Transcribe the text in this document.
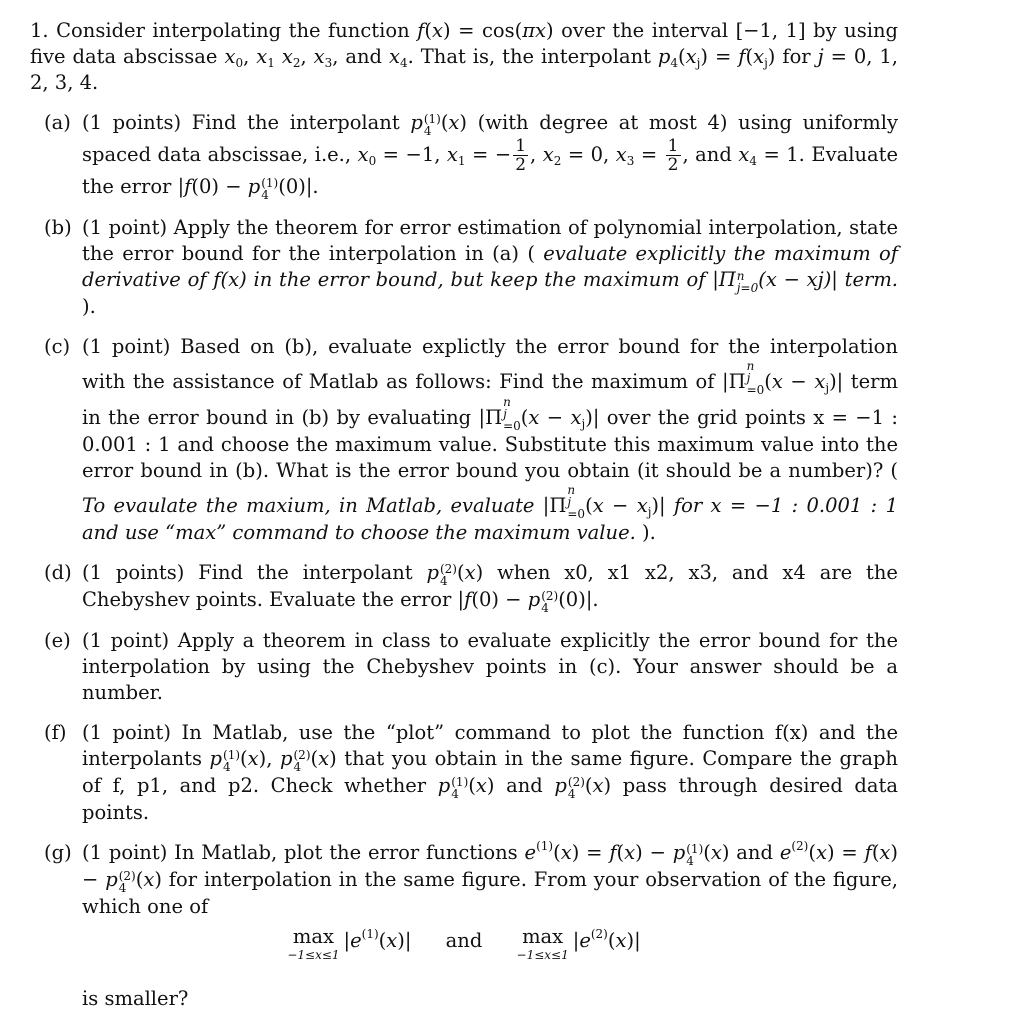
1. Consider interpolating the function f(x) = cos(πx) over the interval [−1, 1] by using five data abscissae $x_0$, $x_1$ $x_2$, $x_3$, and $x_4$. That is, the interpolant $p_4(x_j) = f(x_j)$ for j = 0, 1, 2, 3, 4.

(a) (1 points) Find the interpolant p (1)
4 (x) (with degree at most 4) using uniformly spaced data abscissae, i.e., $x_0 = -1$, $x_1$ = − $\frac{1}{2}$ , $x_2 = 0$, $x_3 = \frac{1}{2}$ , and $x_4 = 1$. Evaluate the error |f(0) − p (1)
4 (0)|.
(b) (1 point) Apply the theorem for error estimation of polynomial interpolation, state the error bound for the interpolation in (a) ( evaluate explicitly the maximum of derivative of f(x) in the error bound, but keep the maximum of |Π n
j=0 (x − xj)| term. ).
(c) (1 point) Based on (b), evaluate explictly the error bound for the interpolation with the assistance of Matlab as follows: Find the maximum of |Π
n
j
=0 $(x - x_j)|$ term in the error bound in (b) by evaluating |Π
n
j
=0 $(x - x_j)|$ over the grid points x = −1 : 0.001 : 1 and choose the maximum value. Substitute this maximum value into the error bound in (b). What is the error bound you obtain (it should be a number)? ( To evaulate the maxium, in Matlab, evaluate |Π
n
j
=0 $(x - x_j)|$ for x = −1 : 0.001 : 1 and use “max” command to choose the maximum value. ).
(d) (1 points) Find the interpolant p (2)
4 (x) when x0, x1 x2, x3, and x4 are the Chebyshev points. Evaluate the error |f(0) − p (2)
4 (0)|.
(e) (1 point) Apply a theorem in class to evaluate explicitly the error bound for the interpolation by using the Chebyshev points in (c). Your answer should be a number.
(f) (1 point) In Matlab, use the “plot” command to plot the function f(x) and the interpolants p (1)
4 (x), p (2)
4 (x) that you obtain in the same figure. Compare the graph of f, p1, and p2. Check whether p (1)
4 (x) and p (2)
4 (x) pass through desired data points.
(g) (1 point) In Matlab, plot the error functions $e^{(1)}(x) = f(x) - p$ (1)
4 (x) and $e^{(2)}(x) = f(x) - p$ (2)
4 (x) for interpolation in the same figure. From your observation of the figure, which one of
max
−1≤x≤1
$|e^{(1)}(x)|$ and max
−1≤x≤1
$|e^{(2)}(x)|$
is smaller?
